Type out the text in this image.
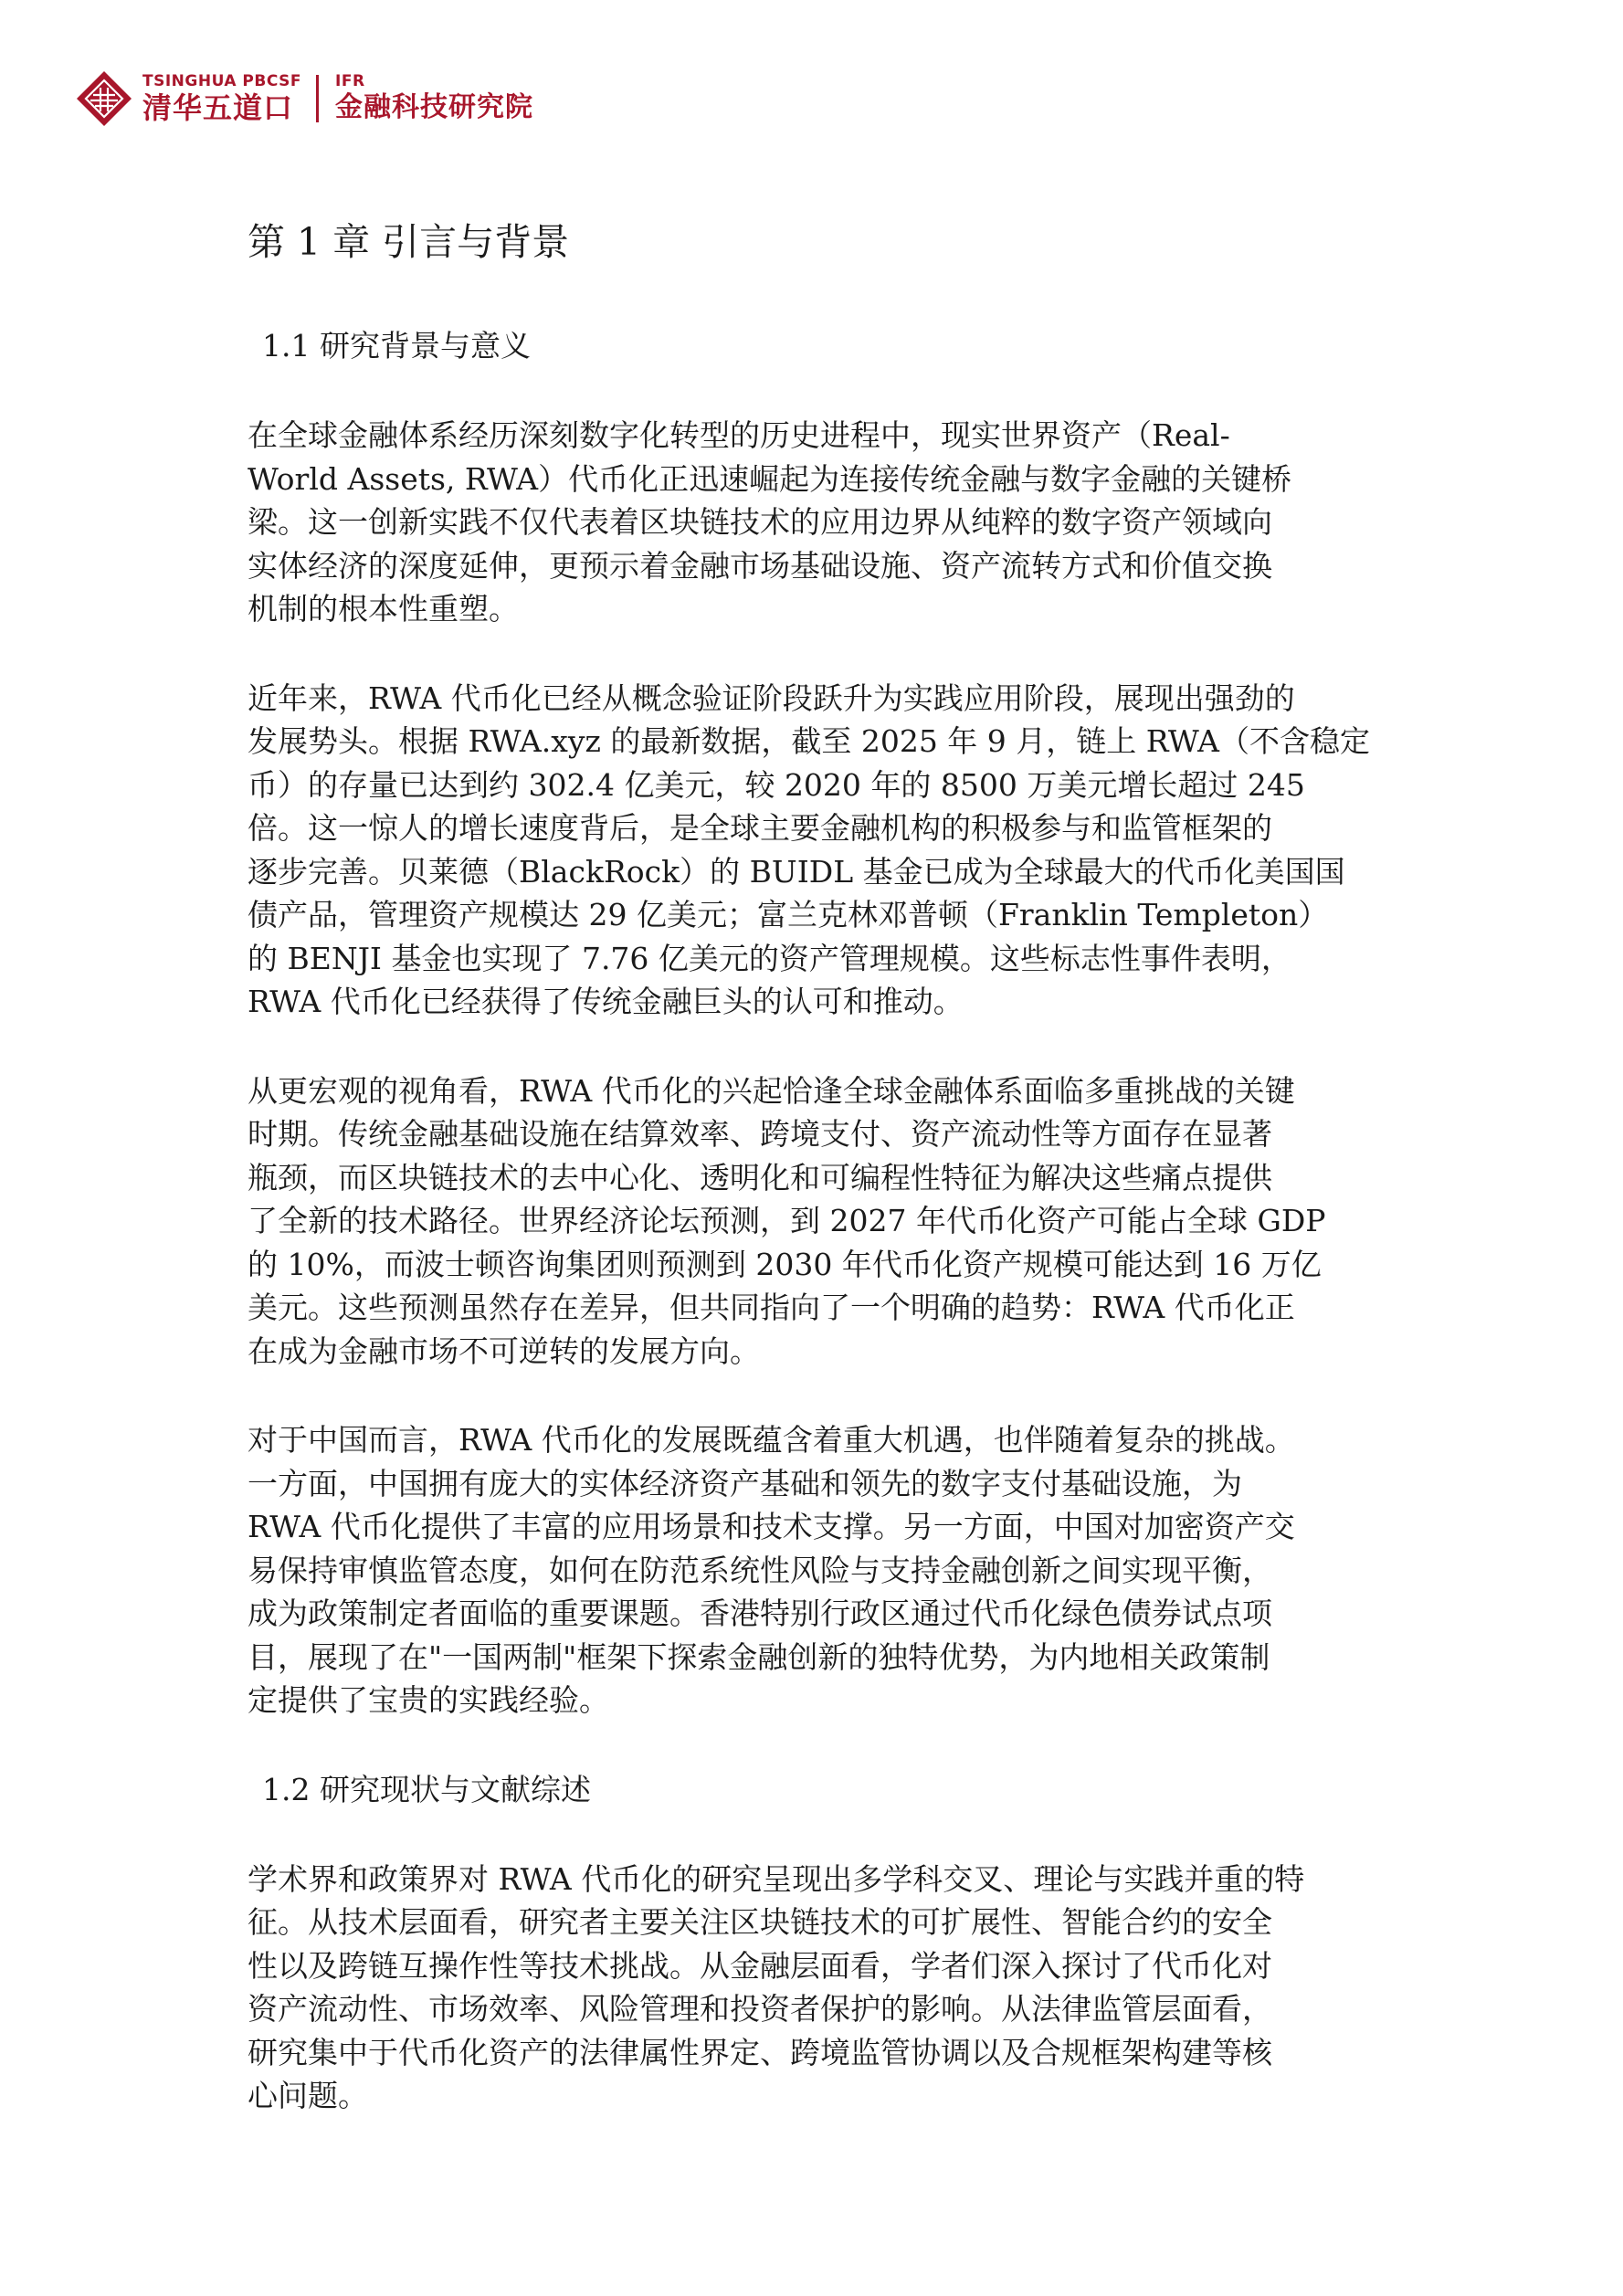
TSINGHUA PBCSF
清华五道口
IFR
金融科技研究院
第 1 章 引言与背景
1.1 研究背景与意义
在全球金融体系经历深刻数字化转型的历史进程中，现实世界资产（Real-
World Assets, RWA）代币化正迅速崛起为连接传统金融与数字金融的关键桥
梁。这一创新实践不仅代表着区块链技术的应用边界从纯粹的数字资产领域向
实体经济的深度延伸，更预示着金融市场基础设施、资产流转方式和价值交换
机制的根本性重塑。
近年来，RWA 代币化已经从概念验证阶段跃升为实践应用阶段，展现出强劲的
发展势头。根据 RWA.xyz 的最新数据，截至 2025 年 9 月，链上 RWA（不含稳定
币）的存量已达到约 302.4 亿美元，较 2020 年的 8500 万美元增长超过 245
倍。这一惊人的增长速度背后，是全球主要金融机构的积极参与和监管框架的
逐步完善。贝莱德（BlackRock）的 BUIDL 基金已成为全球最大的代币化美国国
债产品，管理资产规模达 29 亿美元；富兰克林邓普顿（Franklin Templeton）
的 BENJI 基金也实现了 7.76 亿美元的资产管理规模。这些标志性事件表明，
RWA 代币化已经获得了传统金融巨头的认可和推动。
从更宏观的视角看，RWA 代币化的兴起恰逢全球金融体系面临多重挑战的关键
时期。传统金融基础设施在结算效率、跨境支付、资产流动性等方面存在显著
瓶颈，而区块链技术的去中心化、透明化和可编程性特征为解决这些痛点提供
了全新的技术路径。世界经济论坛预测，到 2027 年代币化资产可能占全球 GDP
的 10%，而波士顿咨询集团则预测到 2030 年代币化资产规模可能达到 16 万亿
美元。这些预测虽然存在差异，但共同指向了一个明确的趋势：RWA 代币化正
在成为金融市场不可逆转的发展方向。
对于中国而言，RWA 代币化的发展既蕴含着重大机遇，也伴随着复杂的挑战。
一方面，中国拥有庞大的实体经济资产基础和领先的数字支付基础设施，为
RWA 代币化提供了丰富的应用场景和技术支撑。另一方面，中国对加密资产交
易保持审慎监管态度，如何在防范系统性风险与支持金融创新之间实现平衡，
成为政策制定者面临的重要课题。香港特别行政区通过代币化绿色债券试点项
目，展现了在"一国两制"框架下探索金融创新的独特优势，为内地相关政策制
定提供了宝贵的实践经验。
1.2 研究现状与文献综述
学术界和政策界对 RWA 代币化的研究呈现出多学科交叉、理论与实践并重的特
征。从技术层面看，研究者主要关注区块链技术的可扩展性、智能合约的安全
性以及跨链互操作性等技术挑战。从金融层面看，学者们深入探讨了代币化对
资产流动性、市场效率、风险管理和投资者保护的影响。从法律监管层面看，
研究集中于代币化资产的法律属性界定、跨境监管协调以及合规框架构建等核
心问题。
